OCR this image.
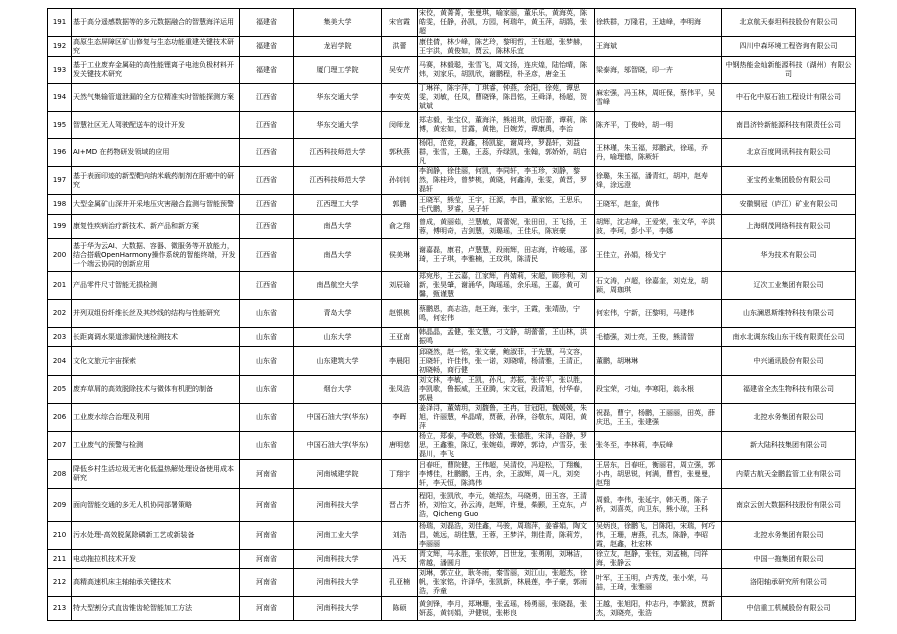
191	基于高分遥感数据等的多元数据融合的智慧海洋运用	福建省	集美大学	宋官霞	宋佼，黄菁菁，张曼琪，喻家丽，董乐乐，黄海英，陈皓雯，任静，孙凯，方园，柯瑞年，黄玉萍，胡鹃，张超	徐轶群，万隆君，王迪峰，李明海	北京航天泰坦科技股份有限公司
192	高原生态屏障区矿山修复与生态功能重建关键技术研究	福建省	龙岩学院	洪蕾	康佳倩，林少峰，陈艺玲，黎明哲，王钰超，张梦赫，王宇洪，黄俊如，贾云，陈林乐宜	王海斌	四川中森环境工程咨询有限公司
193	基于工业废弃金属硅的高性能锂离子电池负极材料开发关键技术研究	福建省	厦门理工学院	吴安芹	马赛，林毅聪，张雪飞，周文扬，连庆煌，陆怡晴，陈炜，刘家乐，胡凯欣，谢鹏程，朴圣彦，唐金玉	梁泰海，邬智晓，印一卉	中钢热能金灿新能源科技（湖州）有限公司
194	天然气集输管道泄漏的全方位精准实时智能探测方案	江西省	华东交通大学	李安英	丁琳祥，陈宇萍，丁琪睿，钟燕，余阳，徐苑，谭思雯，刘敏，任凤，曹晓锋，陈昌铭，王舜泽，杨超，贺斌斌	麻宏强，冯玉林，周旺保，蔡伟平，吴雪峰	中石化中原石油工程设计有限公司
195	智慧社区无人驾驶配送车的设计开发	江西省	华东交通大学	闵师龙	郑志毅，张宝仪，董海洋，熊祖琪，欧阳蕾，谭莉，陈博，黄宏如，甘露，黄艳，吕婉芳，谭康禹，李治	陈齐平，丁俊岭，胡一明	南昌济铃新能源科技有限责任公司
196	AI+MD 在药物研发领域的应用	江西省	江西科技师范大学	郭秋燕	杨阳，范竞，段鑫，杨凯旋，谢周玲，罗磊轩，刘益群，张雪，王璐，王蕊，乔绿凯，张翰，郭娇娇，胡启凡	王林瑾，朱玉福，郑鹏武，徐瑶，乔丹，喻理德，陈厥轩	北京百度网讯科技有限公司
197	基于表面印迹的新型靶向纳米载药制剂在肝癌中的研究	江西省	江西科技师范大学	孙钊钊	李润静，徐佳丽，何凯，李同轩，李玉珍，刘静，黎然，陈桂玲，曾梦桃，黄晓，何鑫涛，张雯，黄晋，罗磊轩	徐璐，朱玉福，潘青红，胡冲，赵寿烽，涂远澄	亚宝药业集团股份有限公司
198	大型金属矿山深井开采地压灾害融合监测与智能预警	江西省	江西理工大学	郭鹏	王晓军，熊莹，王宇，汪源，李昌，董家铭，王思乐，毛代鹏，罗睿，吴子轩	王晓军，赵奎，黄伟	安徽铜冠（庐江）矿业有限公司
199	康复性疾病治疗新技术、新产品和新方案	江西省	南昌大学	俞之翔	曾成，黄丽茹，兰慧敏，周蕾妮，张田田，王飞扬，王蓉，傅明奇，吉剑慧，刘璐瑶，王佳乐，陈宸豪	胡辉，沈志峰，王爱荣，张文华，辛洪波，李珂，彭小平，李娜	上海纲茂网络科技有限公司
200	基于华为云AI、大数据、容器、微服务等开放能力，结合搭载OpenHarmony操作系统的智能终端，开发一个端云协同的创新应用	江西省	南昌大学	侯美琳	谢嘉磊，康君，卢慧慧，段雨辉，田志海，许峻瑶，邵琦，王子琪，李雅楠，王玟琪，陈清民	王佳立，孙娟，杨戈宁	华为技术有限公司
201	产品零件尺寸智能无损检测	江西省	南昌航空大学	刘辰瑜	郑宛彤，王云嘉，江家辉，肖婧莉，宋超，顾珍利，刘新，张昊肇，谢涌华，陶瑶瑶，余乐瑶，王嘉，黄可馨，甄谨慧	石文涛，卢超，徐嘉奎，刘克龙，胡颖，周珈琪	辽次工业集团有限公司
202	并列双组份纤维长丝及其纱线的结构与性能研究	山东省	青岛大学	赵银桃	蔡鹏恩，高志浩，赵王海，张宇，王霞，张靖劭，宁鸣，何宏伟	何宏伟，宁新，汪黎明，马建伟	山东澜恩斯维特科技有限公司
203	长距离调水渠道渗漏快速检测技术	山东省	山东大学	王亚南	韩晶晶，孟健，张文慧，刁文静，胡蕾蕾，王山林，洪振鸣	毛德强，刘士亮，王俊，熊清智	南水北调东线山东干线有限责任公司
204	文化文旅元宇宙探索	山东省	山东建筑大学	李晨阳	邱晓然，赵一铭，张文豪，鲍淑菲，于先慧，马文容，王晓轩，许佳伟，张一诺，刘晓晴，杨清雅，王清正，初晓畅，商行健	董鹏，胡琳琳	中兴通讯股份有限公司
205	废弃草屑的高效脱除技术与微体有机肥的制备	山东省	烟台大学	张凤浩	刘文林，李敏，王凯，孙凡，苏振，张传平，张以胜，李凯歌，鲁振威，王亚腾，宋文冠，段清旭，付华春，郭晨	段宝荣，刁灿，李寒阳，翁永根	福建省全杰生物科技有限公司
206	工业废水综合治理及利用	山东省	中国石油大学(华东)	李晖	姜泽浔，董婧玥，刘馥鲁，王冉，甘冠阳，魏媛媛，朱旭，许丽慧，牟晶晴，贾薇，孙锋，谷敬东，周阳，黄萍	祝磊，曹宁，杨鹏，王丽丽，田英，薛庆迅，王玉，张建强	北控水务集团有限公司
207	工业废气的预警与检测	山东省	中国石油大学(华东)	唐明慈	杨立，郑泰，李政燃，徐婧，张德胜，宋泽，谷静，罗思，王鑫雅，陈辽，张婉茹，谭婷，郭诗，卢雪芬，张磊川，李飞	张冬至，李林莉，李辰峰	新大陆科技集团有限公司
208	降低乡村生活垃圾无害化低温热解处理设备使用成本研究	河南省	河南城建学院	丁翔宇	吕春旺，曹院健，王伟超，吴清佼，冯迎松，丁翔巍，李博佳，杜鹏鹏，王冉，余，王淑辉，周一凡，刘奕轩，李天恒，陈鸿伟	王居东，吕春旺，衡丽君，周立强，郭小冉，胡思锐，何满，曹哲，张曼曼，赵翔	内蒙古航天金鹏监管工业有限公司
209	面向智能交通的多无人机协同部署策略	河南省	河南科技大学	晋占芥	程阳，张凯欣，李元，姚绍杰，马晓勇，田玉容，王清桥，刘怡文，孙云涛，赵辉，许曼，柴颢，王克东，卢浩，Qicheng Guo	周毅，李伟，张延宇，韩天勇，陈子桥，刘喜英，向卫东，熊小琼，王科	南京云创大数据科技股份有限公司
210	污水处理-高效脱氮除磷新工艺或新装备	河南省	河南工业大学	刘浩	杨瑞，刘磊浩，刘佳鑫，马骏，周瑞萍，姜睿娟，陶文昌，姚远，胡佳慧，王蓉，王梦洋，荆佳青，陈莉芳，李丽丽	吴炳良，徐鹏飞，吕陈阳，宋瑞，何巧伟，王珊，唐燕，孔杰，陈静，李昭霞，赵鑫，杜宏林	北控水务集团有限公司
211	电动拖拉机技术开发	河南省	河南科技大学	冯天	胥文辉，马永胜，张依婷，吕世龙，张勇刚，刘琳洁，常越，潘圆月	徐立友，赵静，张钰，刘孟楠，闫祥海，张静云	中国一拖集团有限公司
212	高精高速机床主轴轴承关键技术	河南省	河南科技大学	孔亚楠	刘琳，郭立业，耿冬雨，秦雪丽，刘江山，张超杰，徐帆，张家铭，许泽华，张凯新，林晨莲，李子豪，郭雨浩，乔童	叶军，王玉明，卢秀茂，张小荣，马喆，王琦，张雅丽	洛阳轴承研究所有限公司
213	特大型割分式直齿锥齿轮智能加工方法	河南省	河南科技大学	陈硕	黄剑锋，李月，郑琳珊，张孟瑶，杨勇丽，张晓磊，张妍蕊，黄钊娟，尹健锐，张彬良	王越，张旭阳，仲志丹，李繁波，贾新杰，刘晓亮，张浩	中信重工机械股份有限公司
